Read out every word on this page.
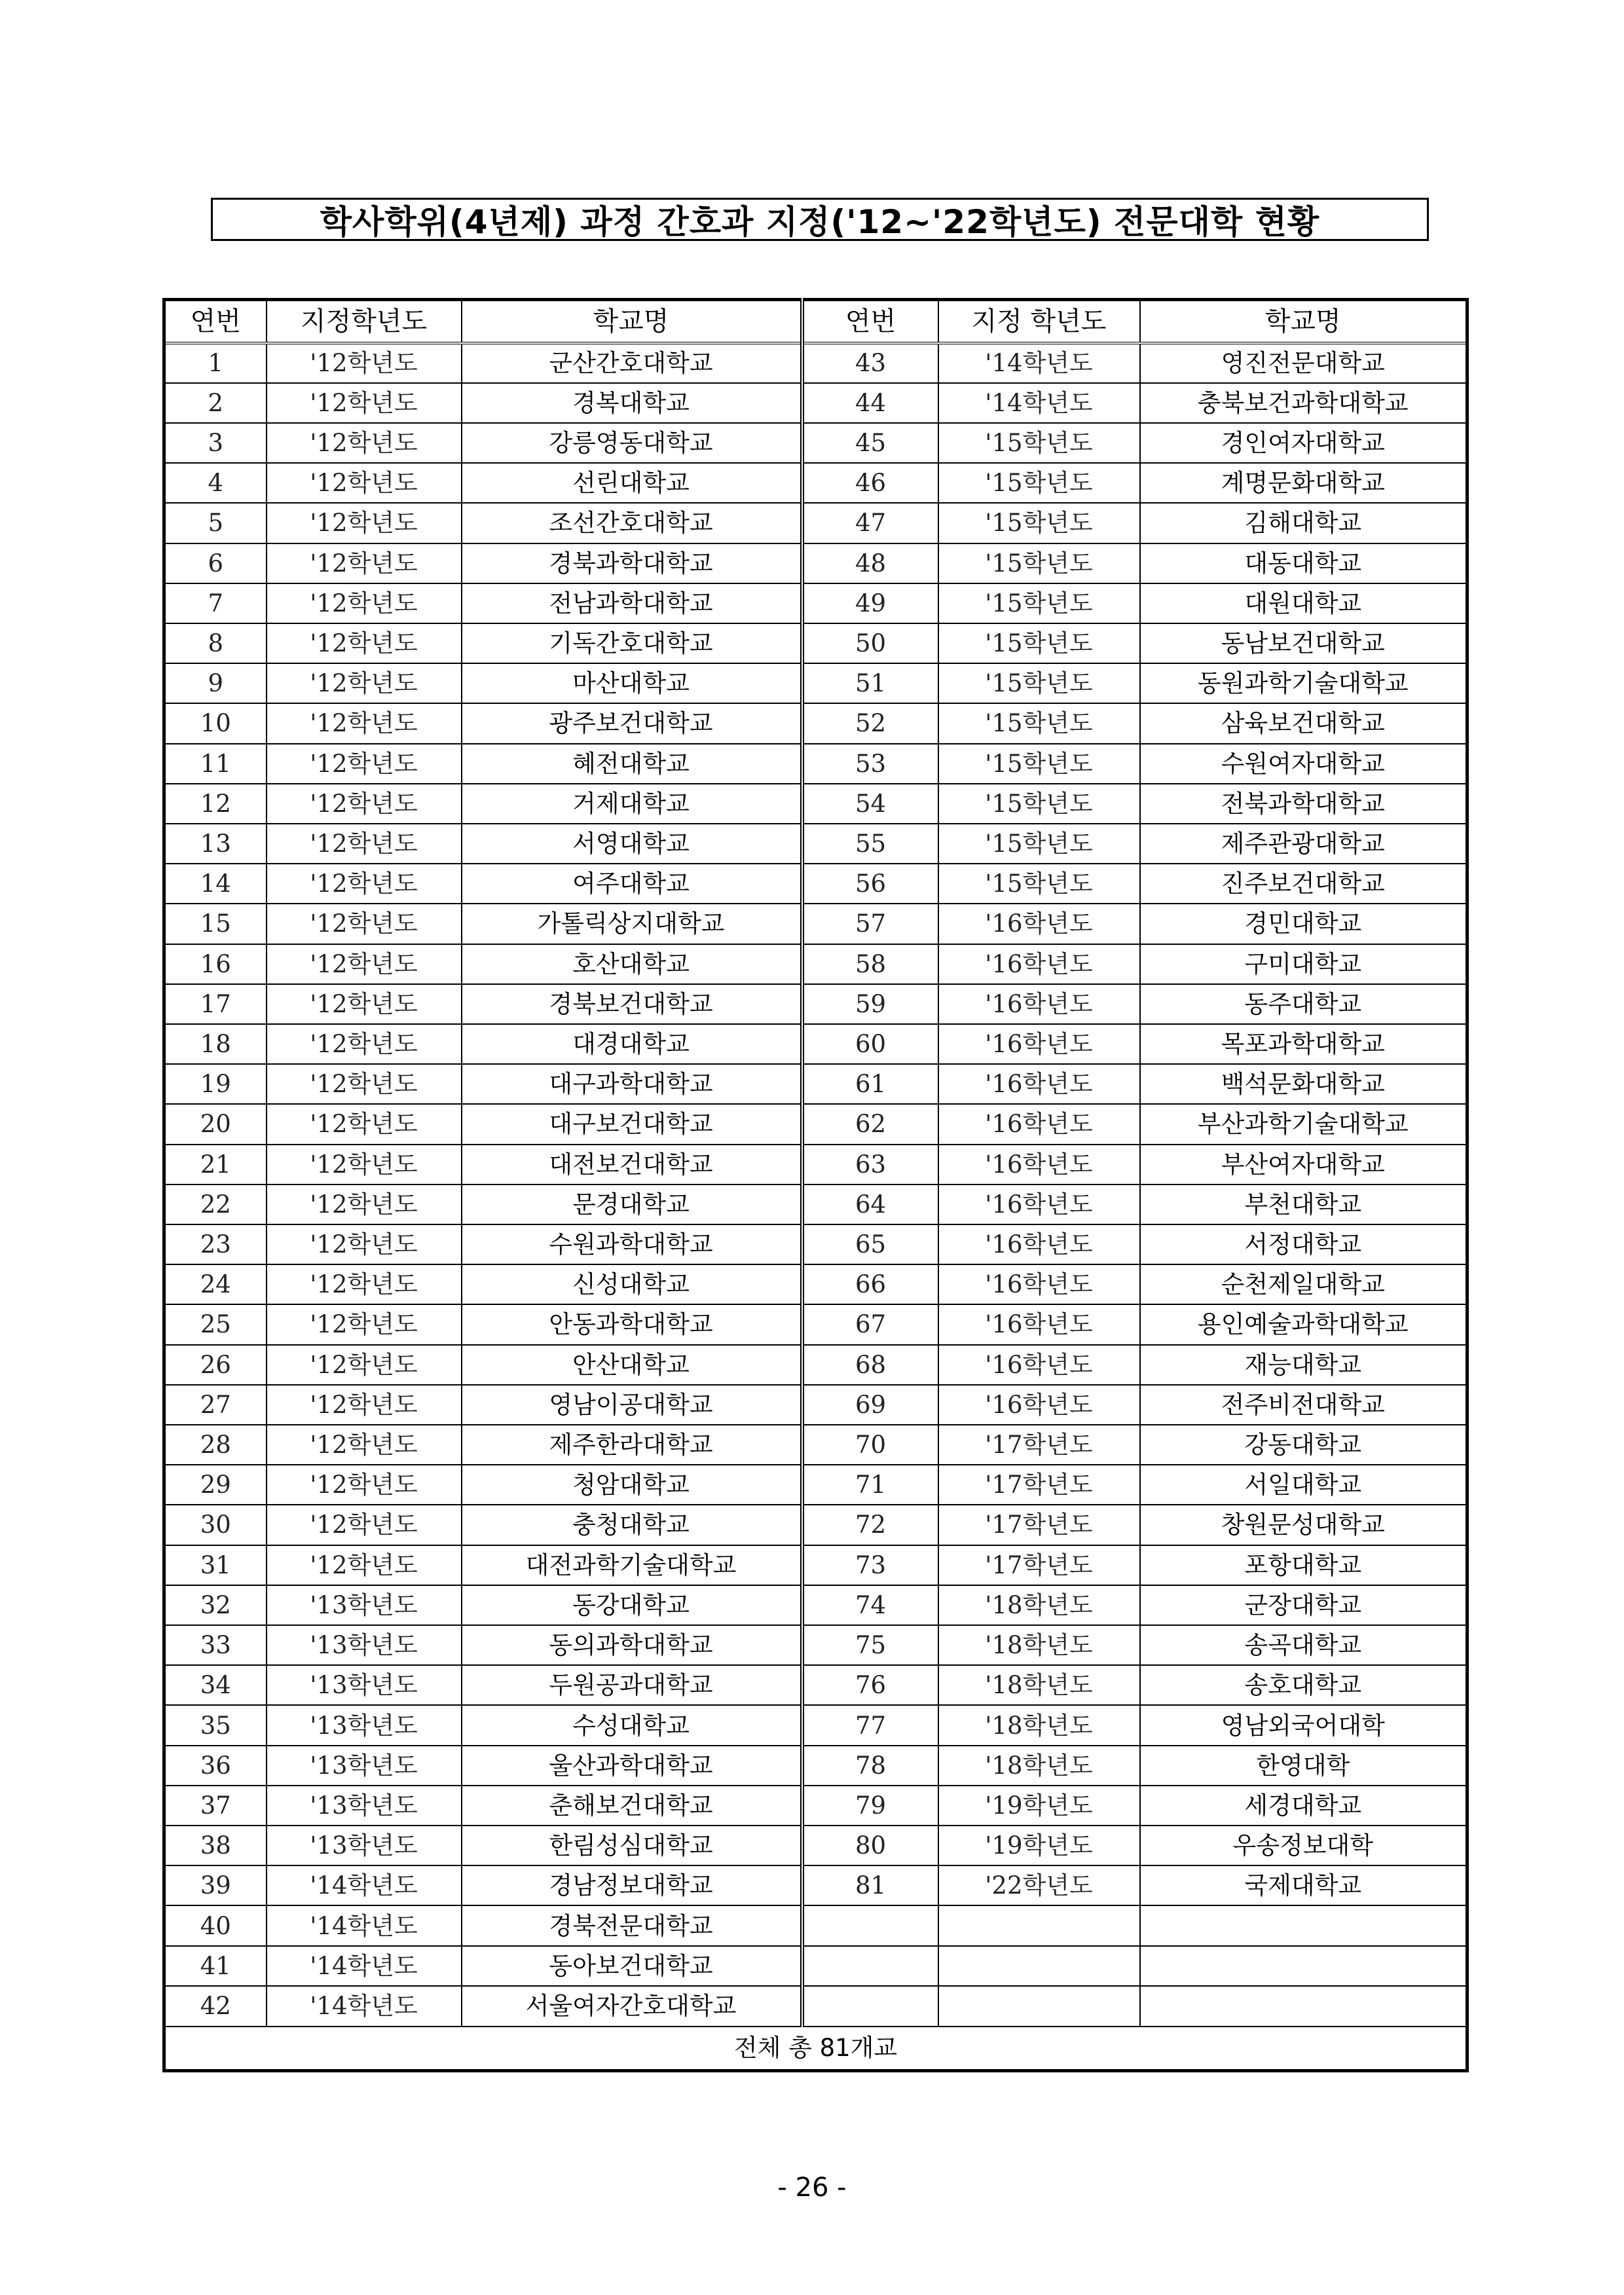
학사학위(4년제) 과정 간호과 지정('12~'22학년도) 전문대학 현황
연번	지정학년도	학교명	연번	지정 학년도	학교명
1	'12학년도	군산간호대학교	43	'14학년도	영진전문대학교
2	'12학년도	경복대학교	44	'14학년도	충북보건과학대학교
3	'12학년도	강릉영동대학교	45	'15학년도	경인여자대학교
4	'12학년도	선린대학교	46	'15학년도	계명문화대학교
5	'12학년도	조선간호대학교	47	'15학년도	김해대학교
6	'12학년도	경북과학대학교	48	'15학년도	대동대학교
7	'12학년도	전남과학대학교	49	'15학년도	대원대학교
8	'12학년도	기독간호대학교	50	'15학년도	동남보건대학교
9	'12학년도	마산대학교	51	'15학년도	동원과학기술대학교
10	'12학년도	광주보건대학교	52	'15학년도	삼육보건대학교
11	'12학년도	혜전대학교	53	'15학년도	수원여자대학교
12	'12학년도	거제대학교	54	'15학년도	전북과학대학교
13	'12학년도	서영대학교	55	'15학년도	제주관광대학교
14	'12학년도	여주대학교	56	'15학년도	진주보건대학교
15	'12학년도	가톨릭상지대학교	57	'16학년도	경민대학교
16	'12학년도	호산대학교	58	'16학년도	구미대학교
17	'12학년도	경북보건대학교	59	'16학년도	동주대학교
18	'12학년도	대경대학교	60	'16학년도	목포과학대학교
19	'12학년도	대구과학대학교	61	'16학년도	백석문화대학교
20	'12학년도	대구보건대학교	62	'16학년도	부산과학기술대학교
21	'12학년도	대전보건대학교	63	'16학년도	부산여자대학교
22	'12학년도	문경대학교	64	'16학년도	부천대학교
23	'12학년도	수원과학대학교	65	'16학년도	서정대학교
24	'12학년도	신성대학교	66	'16학년도	순천제일대학교
25	'12학년도	안동과학대학교	67	'16학년도	용인예술과학대학교
26	'12학년도	안산대학교	68	'16학년도	재능대학교
27	'12학년도	영남이공대학교	69	'16학년도	전주비전대학교
28	'12학년도	제주한라대학교	70	'17학년도	강동대학교
29	'12학년도	청암대학교	71	'17학년도	서일대학교
30	'12학년도	충청대학교	72	'17학년도	창원문성대학교
31	'12학년도	대전과학기술대학교	73	'17학년도	포항대학교
32	'13학년도	동강대학교	74	'18학년도	군장대학교
33	'13학년도	동의과학대학교	75	'18학년도	송곡대학교
34	'13학년도	두원공과대학교	76	'18학년도	송호대학교
35	'13학년도	수성대학교	77	'18학년도	영남외국어대학
36	'13학년도	울산과학대학교	78	'18학년도	한영대학
37	'13학년도	춘해보건대학교	79	'19학년도	세경대학교
38	'13학년도	한림성심대학교	80	'19학년도	우송정보대학
39	'14학년도	경남정보대학교	81	'22학년도	국제대학교
40	'14학년도	경북전문대학교			
41	'14학년도	동아보건대학교			
42	'14학년도	서울여자간호대학교			
전체 총 81개교					
- 26 -
